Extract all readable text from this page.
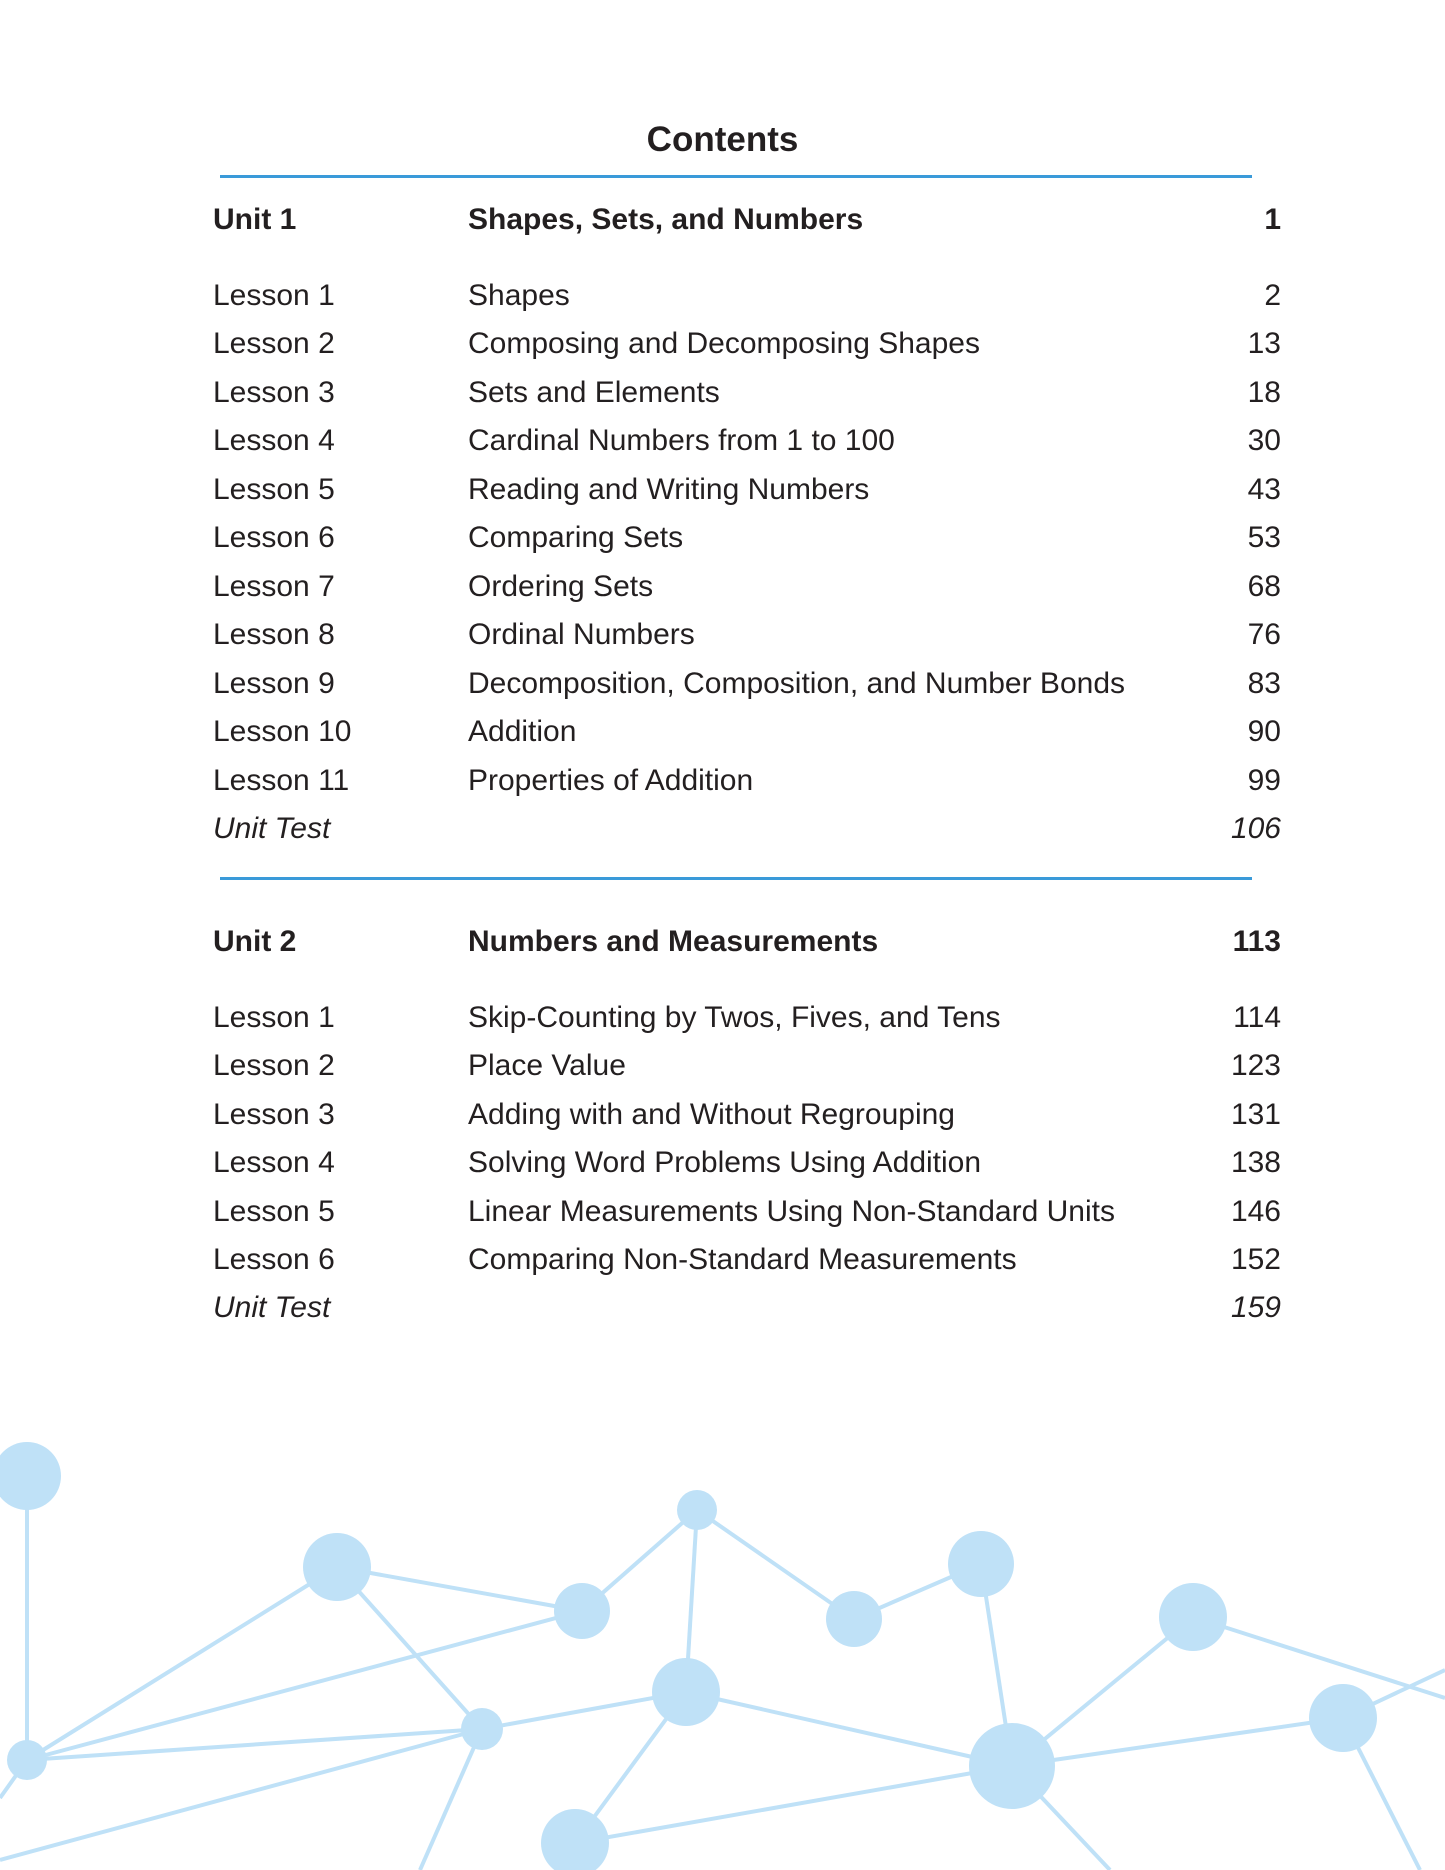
Contents
Unit 1	Shapes, Sets, and Numbers	1
Lesson 1	Shapes	2
Lesson 2	Composing and Decomposing Shapes	13
Lesson 3	Sets and Elements	18
Lesson 4	Cardinal Numbers from 1 to 100	30
Lesson 5	Reading and Writing Numbers	43
Lesson 6	Comparing Sets	53
Lesson 7	Ordering Sets	68
Lesson 8	Ordinal Numbers	76
Lesson 9	Decomposition, Composition, and Number Bonds	83
Lesson 10	Addition	90
Lesson 11	Properties of Addition	99
Unit Test	106
Unit 2	Numbers and Measurements	113
Lesson 1	Skip-Counting by Twos, Fives, and Tens	114
Lesson 2	Place Value	123
Lesson 3	Adding with and Without Regrouping	131
Lesson 4	Solving Word Problems Using Addition	138
Lesson 5	Linear Measurements Using Non-Standard Units	146
Lesson 6	Comparing Non-Standard Measurements	152
Unit Test	159
